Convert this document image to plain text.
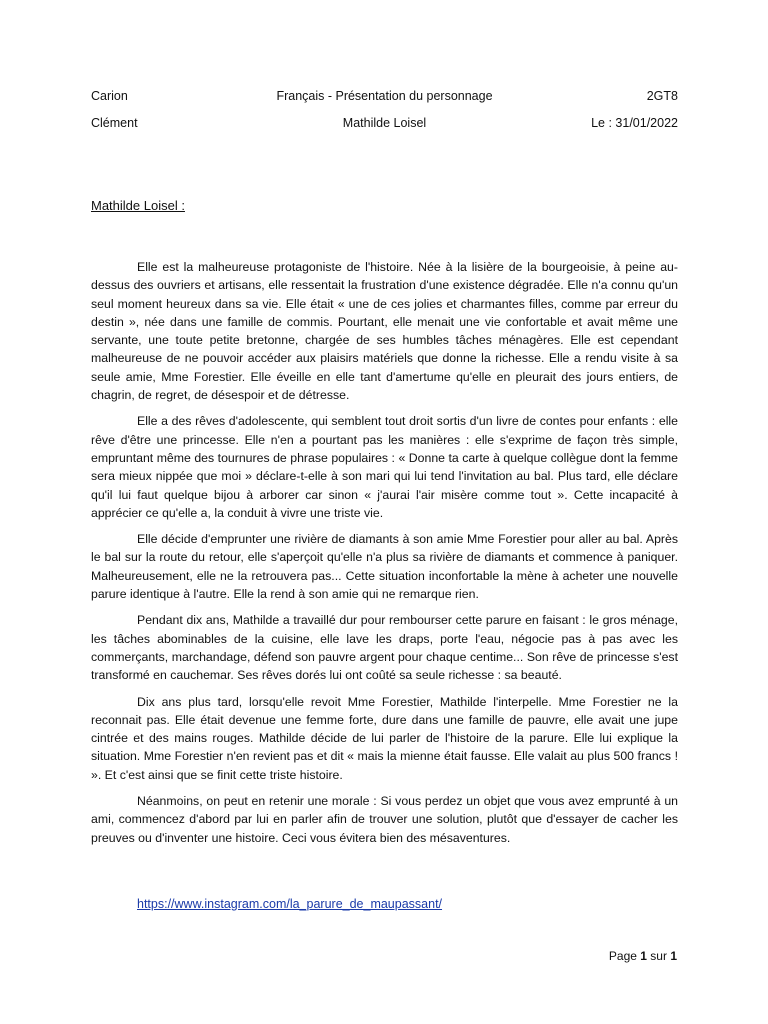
Carion	Français - Présentation du personnage	2GT8
Clément	Mathilde Loisel	Le : 31/01/2022
Mathilde Loisel :

Elle est la malheureuse protagoniste de l'histoire. Née à la lisière de la bourgeoisie, à peine au-dessus des ouvriers et artisans, elle ressentait la frustration d'une existence dégradée. Elle n'a connu qu'un seul moment heureux dans sa vie. Elle était « une de ces jolies et charmantes filles, comme par erreur du destin », née dans une famille de commis. Pourtant, elle menait une vie confortable et avait même une servante, une toute petite bretonne, chargée de ses humbles tâches ménagères. Elle est cependant malheureuse de ne pouvoir accéder aux plaisirs matériels que donne la richesse. Elle a rendu visite à sa seule amie, Mme Forestier. Elle éveille en elle tant d'amertume qu'elle en pleurait des jours entiers, de chagrin, de regret, de désespoir et de détresse.

Elle a des rêves d'adolescente, qui semblent tout droit sortis d'un livre de contes pour enfants : elle rêve d'être une princesse. Elle n'en a pourtant pas les manières : elle s'exprime de façon très simple, empruntant même des tournures de phrase populaires : « Donne ta carte à quelque collègue dont la femme sera mieux nippée que moi » déclare-t-elle à son mari qui lui tend l'invitation au bal. Plus tard, elle déclare qu'il lui faut quelque bijou à arborer car sinon « j'aurai l'air misère comme tout ». Cette incapacité à apprécier ce qu'elle a, la conduit à vivre une triste vie.

Elle décide d'emprunter une rivière de diamants à son amie Mme Forestier pour aller au bal. Après le bal sur la route du retour, elle s'aperçoit qu'elle n'a plus sa rivière de diamants et commence à paniquer. Malheureusement, elle ne la retrouvera pas... Cette situation inconfortable la mène à acheter une nouvelle parure identique à l'autre. Elle la rend à son amie qui ne remarque rien.

Pendant dix ans, Mathilde a travaillé dur pour rembourser cette parure en faisant : le gros ménage, les tâches abominables de la cuisine, elle lave les draps, porte l'eau, négocie pas à pas avec les commerçants, marchandage, défend son pauvre argent pour chaque centime... Son rêve de princesse s'est transformé en cauchemar. Ses rêves dorés lui ont coûté sa seule richesse : sa beauté.

Dix ans plus tard, lorsqu'elle revoit Mme Forestier, Mathilde l'interpelle. Mme Forestier ne la reconnait pas. Elle était devenue une femme forte, dure dans une famille de pauvre, elle avait une jupe cintrée et des mains rouges. Mathilde décide de lui parler de l'histoire de la parure. Elle lui explique la situation. Mme Forestier n'en revient pas et dit « mais la mienne était fausse. Elle valait au plus 500 francs ! ». Et c'est ainsi que se finit cette triste histoire.

Néanmoins, on peut en retenir une morale : Si vous perdez un objet que vous avez emprunté à un ami, commencez d'abord par lui en parler afin de trouver une solution, plutôt que d'essayer de cacher les preuves ou d'inventer une histoire. Ceci vous évitera bien des mésaventures.

https://www.instagram.com/la_parure_de_maupassant/
Page 1 sur 1
